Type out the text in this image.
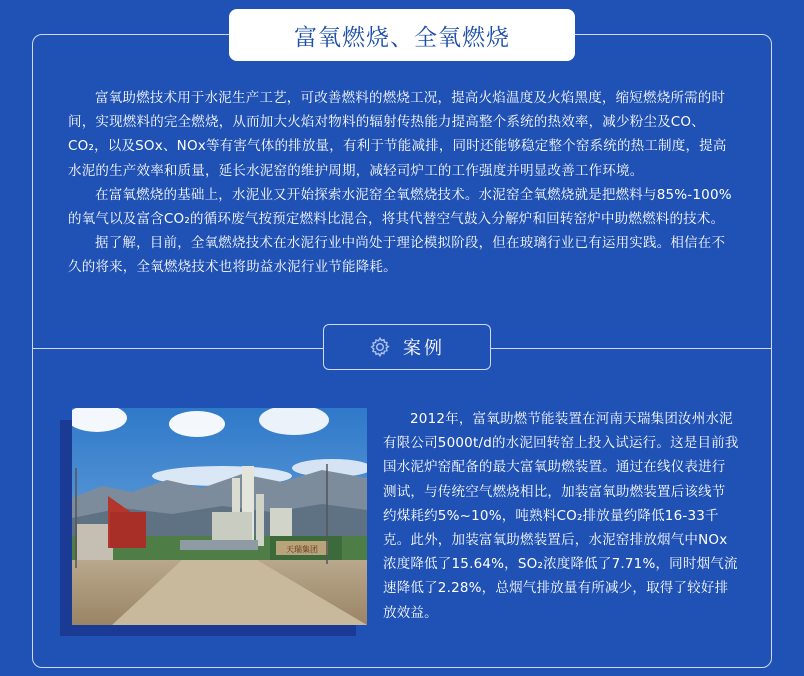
富氧燃烧、全氧燃烧

富氧助燃技术用于水泥生产工艺，可改善燃料的燃烧工况，提高火焰温度及火焰黑度，缩短燃烧所需的时间，实现燃料的完全燃烧，从而加大火焰对物料的辐射传热能力提高整个系统的热效率，减少粉尘及CO、CO₂，以及SOx、NOx等有害气体的排放量，有利于节能减排，同时还能够稳定整个窑系统的热工制度，提高水泥的生产效率和质量，延长水泥窑的维护周期，减轻司炉工的工作强度并明显改善工作环境。

在富氧燃烧的基础上，水泥业又开始探索水泥窑全氧燃烧技术。水泥窑全氧燃烧就是把燃料与85%-100%的氧气以及富含CO₂的循环废气按预定燃料比混合，将其代替空气鼓入分解炉和回转窑炉中助燃燃料的技术。

据了解，目前，全氧燃烧技术在水泥行业中尚处于理论模拟阶段，但在玻璃行业已有运用实践。相信在不久的将来，全氧燃烧技术也将助益水泥行业节能降耗。

案例
天瑞集团

2012年，富氧助燃节能装置在河南天瑞集团汝州水泥有限公司5000t/d的水泥回转窑上投入试运行。这是目前我国水泥炉窑配备的最大富氧助燃装置。通过在线仪表进行测试，与传统空气燃烧相比，加装富氧助燃装置后该线节约煤耗约5%~10%，吨熟料CO₂排放量约降低16-33千克。此外，加装富氧助燃装置后，水泥窑排放烟气中NOx浓度降低了15.64%，SO₂浓度降低了7.71%，同时烟气流速降低了2.28%，总烟气排放量有所减少，取得了较好排放效益。
